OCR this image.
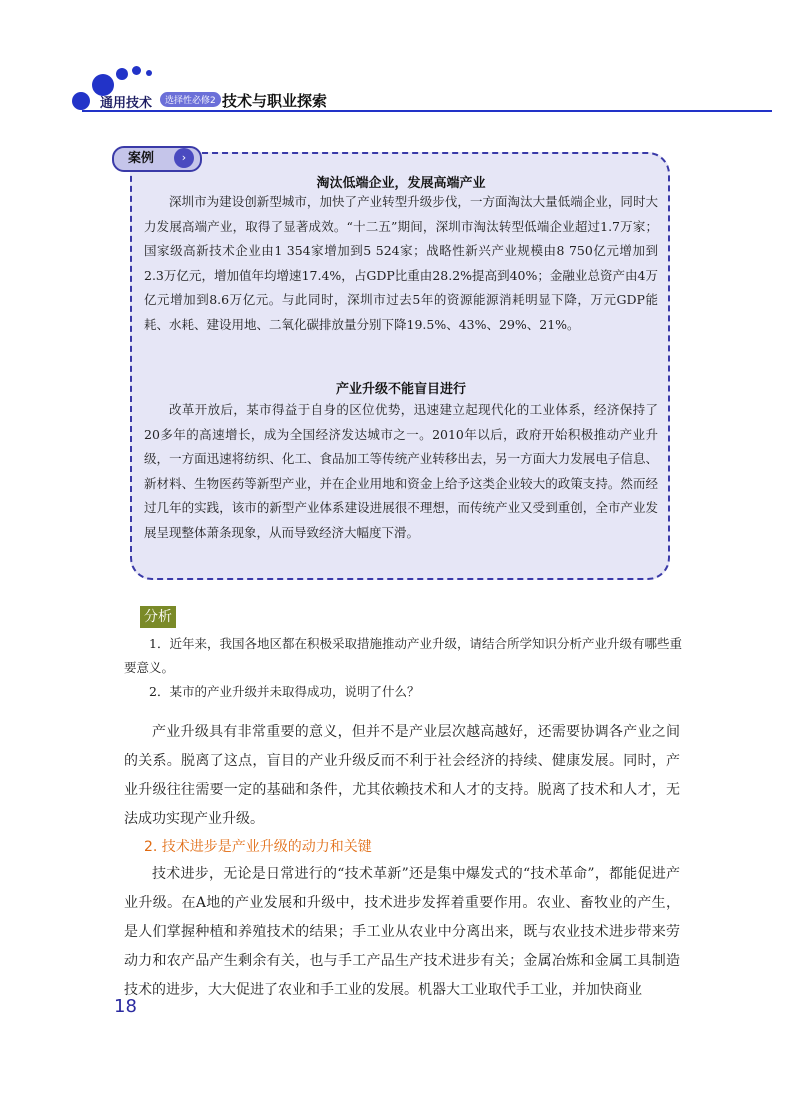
通用技术	选择性必修2 技术与职业探索
案例	›
淘汰低端企业，发展高端产业

深圳市为建设创新型城市，加快了产业转型升级步伐，一方面淘汰大量低端企业，同时大力发展高端产业，取得了显著成效。“十二五”期间，深圳市淘汰转型低端企业超过1.7万家；国家级高新技术企业由1 354家增加到5 524家；战略性新兴产业规模由8 750亿元增加到2.3万亿元，增加值年均增速17.4%，占GDP比重由28.2%提高到40%；金融业总资产由4万亿元增加到8.6万亿元。与此同时，深圳市过去5年的资源能源消耗明显下降，万元GDP能耗、水耗、建设用地、二氧化碳排放量分别下降19.5%、43%、29%、21%。

产业升级不能盲目进行

改革开放后，某市得益于自身的区位优势，迅速建立起现代化的工业体系，经济保持了20多年的高速增长，成为全国经济发达城市之一。2010年以后，政府开始积极推动产业升级，一方面迅速将纺织、化工、食品加工等传统产业转移出去，另一方面大力发展电子信息、新材料、生物医药等新型产业，并在企业用地和资金上给予这类企业较大的政策支持。然而经过几年的实践，该市的新型产业体系建设进展很不理想，而传统产业又受到重创，全市产业发展呈现整体萧条现象，从而导致经济大幅度下滑。

分析

1．近年来，我国各地区都在积极采取措施推动产业升级，请结合所学知识分析产业升级有哪些重要意义。

2．某市的产业升级并未取得成功，说明了什么？

产业升级具有非常重要的意义，但并不是产业层次越高越好，还需要协调各产业之间的关系。脱离了这点，盲目的产业升级反而不利于社会经济的持续、健康发展。同时，产业升级往往需要一定的基础和条件，尤其依赖技术和人才的支持。脱离了技术和人才，无法成功实现产业升级。

2. 技术进步是产业升级的动力和关键

技术进步，无论是日常进行的“技术革新”还是集中爆发式的“技术革命”，都能促进产业升级。在A地的产业发展和升级中，技术进步发挥着重要作用。农业、畜牧业的产生，是人们掌握种植和养殖技术的结果；手工业从农业中分离出来，既与农业技术进步带来劳动力和农产品产生剩余有关，也与手工产品生产技术进步有关；金属冶炼和金属工具制造技术的进步，大大促进了农业和手工业的发展。机器大工业取代手工业，并加快商业

18
